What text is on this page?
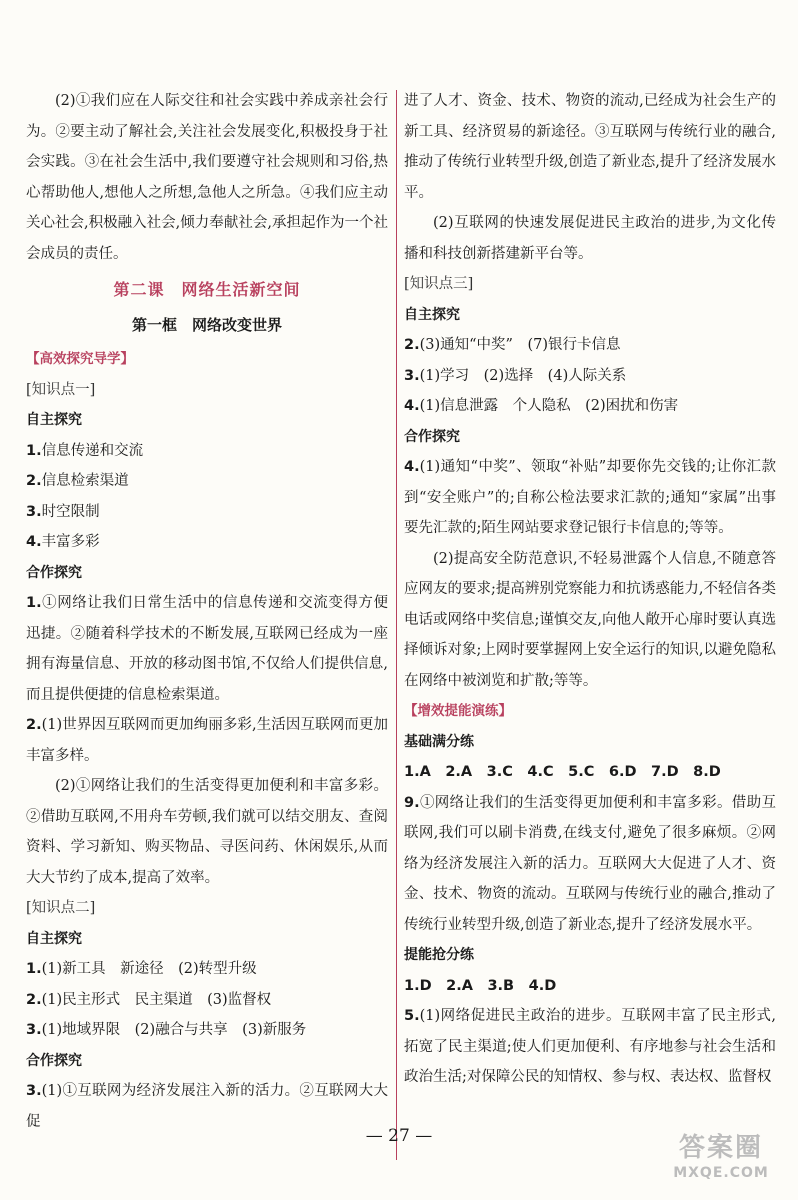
(2)①我们应在人际交往和社会实践中养成亲社会行为。②要主动了解社会,关注社会发展变化,积极投身于社会实践。③在社会生活中,我们要遵守社会规则和习俗,热心帮助他人,想他人之所想,急他人之所急。④我们应主动关心社会,积极融入社会,倾力奉献社会,承担起作为一个社会成员的责任。

第二课　网络生活新空间

第一框　网络改变世界

【高效探究导学】

[知识点一]

自主探究

1.信息传递和交流

2.信息检索渠道

3.时空限制

4.丰富多彩

合作探究

1.①网络让我们日常生活中的信息传递和交流变得方便迅捷。②随着科学技术的不断发展,互联网已经成为一座拥有海量信息、开放的移动图书馆,不仅给人们提供信息,而且提供便捷的信息检索渠道。

2.(1)世界因互联网而更加绚丽多彩,生活因互联网而更加丰富多样。

(2)①网络让我们的生活变得更加便利和丰富多彩。②借助互联网,不用舟车劳顿,我们就可以结交朋友、查阅资料、学习新知、购买物品、寻医问药、休闲娱乐,从而大大节约了成本,提高了效率。

[知识点二]

自主探究

1.(1)新工具　新途径　(2)转型升级

2.(1)民主形式　民主渠道　(3)监督权

3.(1)地域界限　(2)融合与共享　(3)新服务

合作探究

3.(1)①互联网为经济发展注入新的活力。②互联网大大促

进了人才、资金、技术、物资的流动,已经成为社会生产的新工具、经济贸易的新途径。③互联网与传统行业的融合,推动了传统行业转型升级,创造了新业态,提升了经济发展水平。

(2)互联网的快速发展促进民主政治的进步,为文化传播和科技创新搭建新平台等。

[知识点三]

自主探究

2.(3)通知“中奖”　(7)银行卡信息

3.(1)学习　(2)选择　(4)人际关系

4.(1)信息泄露　个人隐私　(2)困扰和伤害

合作探究

4.(1)通知“中奖”、领取“补贴”却要你先交钱的;让你汇款到“安全账户”的;自称公检法要求汇款的;通知“家属”出事要先汇款的;陌生网站要求登记银行卡信息的;等等。

(2)提高安全防范意识,不轻易泄露个人信息,不随意答应网友的要求;提高辨别党察能力和抗诱惑能力,不轻信各类电话或网络中奖信息;谨慎交友,向他人敞开心扉时要认真选择倾诉对象;上网时要掌握网上安全运行的知识,以避免隐私在网络中被浏览和扩散;等等。

【增效提能演练】

基础满分练

1.A　2.A　3.C　4.C　5.C　6.D　7.D　8.D

9.①网络让我们的生活变得更加便利和丰富多彩。借助互联网,我们可以刷卡消费,在线支付,避免了很多麻烦。②网络为经济发展注入新的活力。互联网大大促进了人才、资金、技术、物资的流动。互联网与传统行业的融合,推动了传统行业转型升级,创造了新业态,提升了经济发展水平。

提能抢分练

1.D　2.A　3.B　4.D

5.(1)网络促进民主政治的进步。互联网丰富了民主形式,拓宽了民主渠道;使人们更加便利、有序地参与社会生活和政治生活;对保障公民的知情权、参与权、表达权、监督权

— 27 —	答案圈
MXQE.COM
